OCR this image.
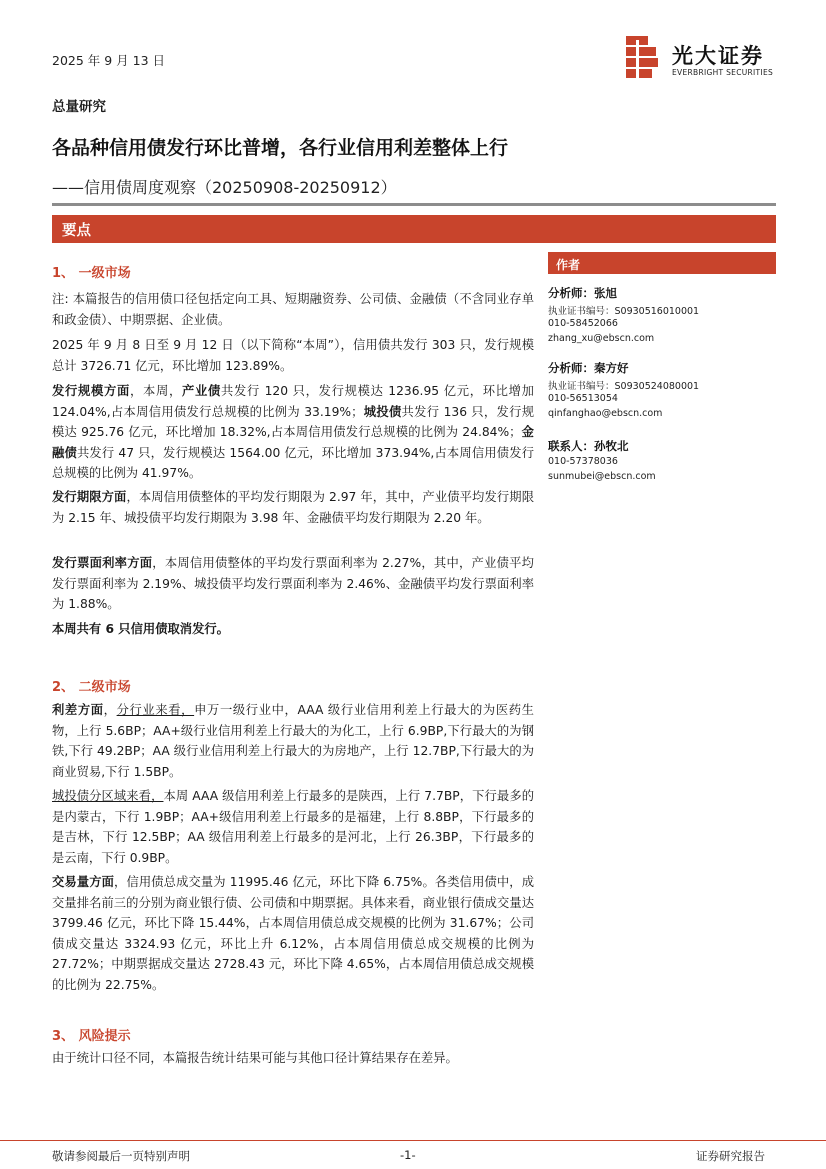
2025 年 9 月 13 日	光大证券
EVERBRIGHT SECURITIES
总量研究
各品种信用债发行环比普增，各行业信用利差整体上行
——信用债周度观察（20250908-20250912）
要点
1、 一级市场
注: 本篇报告的信用债口径包括定向工具、短期融资券、公司债、金融债（不含同业存单和政金债）、中期票据、企业债。
2025 年 9 月 8 日至 9 月 12 日（以下简称“本周”），信用债共发行 303 只，发行规模总计 3726.71 亿元，环比增加 123.89%。
发行规模方面，本周，产业债共发行 120 只，发行规模达 1236.95 亿元，环比增加 124.04%,占本周信用债发行总规模的比例为 33.19%；城投债共发行 136 只，发行规模达 925.76 亿元，环比增加 18.32%,占本周信用债发行总规模的比例为 24.84%；金融债共发行 47 只，发行规模达 1564.00 亿元，环比增加 373.94%,占本周信用债发行总规模的比例为 41.97%。
发行期限方面，本周信用债整体的平均发行期限为 2.97 年，其中，产业债平均发行期限为 2.15 年、城投债平均发行期限为 3.98 年、金融债平均发行期限为 2.20 年。
发行票面利率方面，本周信用债整体的平均发行票面利率为 2.27%，其中，产业债平均发行票面利率为 2.19%、城投债平均发行票面利率为 2.46%、金融债平均发行票面利率为 1.88%。
本周共有 6 只信用债取消发行。
2、 二级市场
利差方面，分行业来看，申万一级行业中，AAA 级行业信用利差上行最大的为医药生物，上行 5.6BP；AA+级行业信用利差上行最大的为化工，上行 6.9BP,下行最大的为钢铁,下行 49.2BP；AA 级行业信用利差上行最大的为房地产，上行 12.7BP,下行最大的为商业贸易,下行 1.5BP。
城投债分区域来看，本周 AAA 级信用利差上行最多的是陕西，上行 7.7BP，下行最多的是内蒙古，下行 1.9BP；AA+级信用利差上行最多的是福建，上行 8.8BP，下行最多的是吉林，下行 12.5BP；AA 级信用利差上行最多的是河北，上行 26.3BP，下行最多的是云南，下行 0.9BP。
交易量方面，信用债总成交量为 11995.46 亿元，环比下降 6.75%。各类信用债中，成交量排名前三的分别为商业银行债、公司债和中期票据。具体来看，商业银行债成交量达 3799.46 亿元，环比下降 15.44%，占本周信用债总成交规模的比例为 31.67%；公司债成交量达 3324.93 亿元，环比上升 6.12%，占本周信用债总成交规模的比例为 27.72%；中期票据成交量达 2728.43 元，环比下降 4.65%，占本周信用债总成交规模的比例为 22.75%。
3、 风险提示
由于统计口径不同，本篇报告统计结果可能与其他口径计算结果存在差异。
作者
分析师：张旭
执业证书编号：S0930516010001
010-58452066
zhang_xu@ebscn.com
分析师：秦方好
执业证书编号：S0930524080001
010-56513054
qinfanghao@ebscn.com
联系人：孙牧北
010-57378036
sunmubei@ebscn.com
敬请参阅最后一页特别声明	-1-	证券研究报告
